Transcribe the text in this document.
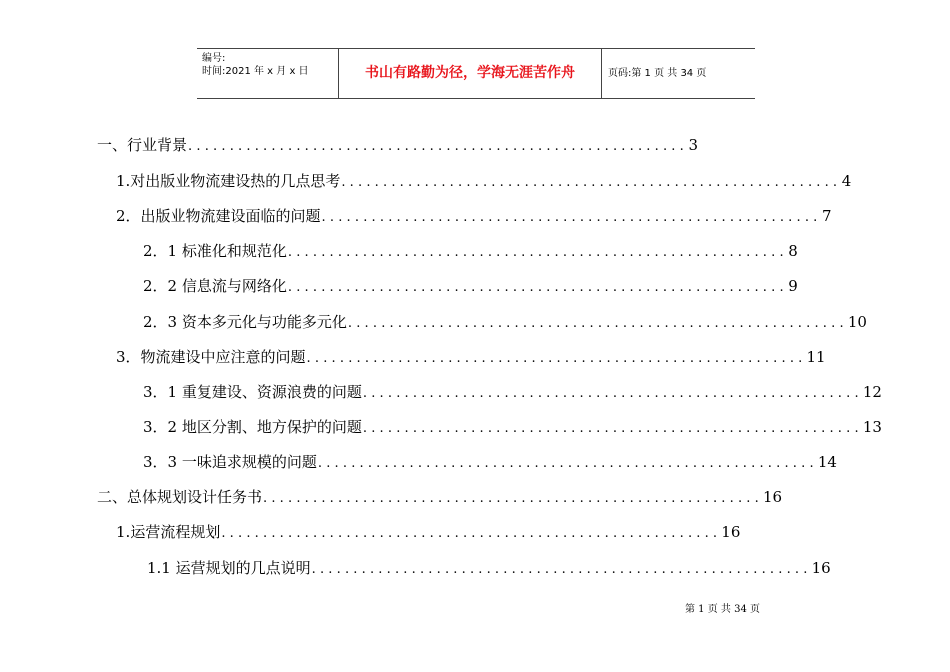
编号:
时间:2021 年 x 月 x 日	书山有路勤为径，学海无涯苦作舟	页码:第 1 页 共 34 页
一、 行业背景 ............................................................ 3
1.对出版业物流建设热的几点思考 ............................................................ 4
2．出版业物流建设面临的问题 ............................................................ 7
2．1 标准化和规范化 ............................................................ 8
2．2 信息流与网络化 ............................................................ 9
2．3 资本多元化与功能多元化 ............................................................ 10
3．物流建设中应注意的问题 ............................................................ 11
3．1 重复建设、资源浪费的问题 ............................................................ 12
3．2 地区分割、地方保护的问题 ............................................................ 13
3．3 一味追求规模的问题 ............................................................ 14
二、总体规划设计任务书 ............................................................ 16
1. 运营流程规划 ............................................................ 16
1.1 运营规划的几点说明 ............................................................ 16
第 1 页 共 34 页
